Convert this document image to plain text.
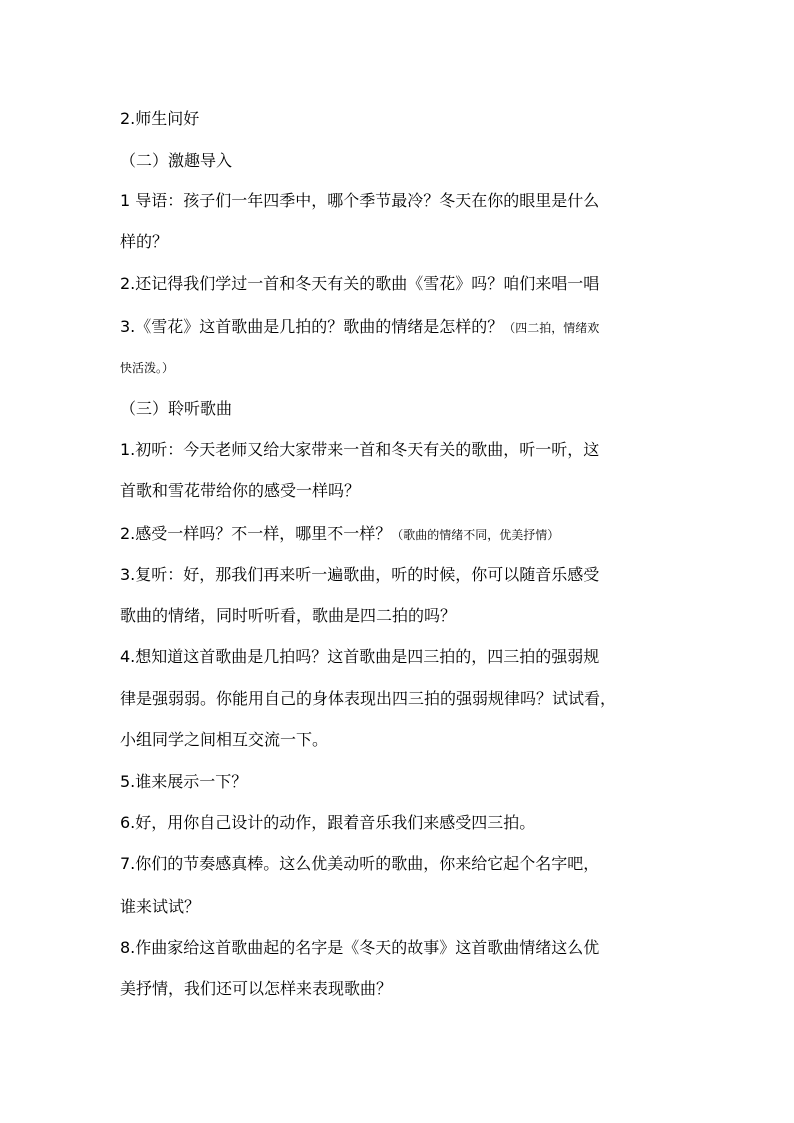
2.师生问好
（二）激趣导入
1 导语：孩子们一年四季中，哪个季节最冷？冬天在你的眼里是什么
样的？
2.还记得我们学过一首和冬天有关的歌曲《雪花》吗？咱们来唱一唱
3.《雪花》这首歌曲是几拍的？歌曲的情绪是怎样的？（四二拍，情绪欢
快活泼。）
（三）聆听歌曲
1.初听：今天老师又给大家带来一首和冬天有关的歌曲，听一听，这
首歌和雪花带给你的感受一样吗？
2.感受一样吗？不一样，哪里不一样？（歌曲的情绪不同，优美抒情）
3.复听：好，那我们再来听一遍歌曲，听的时候，你可以随音乐感受
歌曲的情绪，同时听听看，歌曲是四二拍的吗？
4.想知道这首歌曲是几拍吗？这首歌曲是四三拍的，四三拍的强弱规
律是强弱弱。你能用自己的身体表现出四三拍的强弱规律吗？试试看，
小组同学之间相互交流一下。
5.谁来展示一下？
6.好，用你自己设计的动作，跟着音乐我们来感受四三拍。
7.你们的节奏感真棒。这么优美动听的歌曲，你来给它起个名字吧，
谁来试试？
8.作曲家给这首歌曲起的名字是《冬天的故事》这首歌曲情绪这么优
美抒情，我们还可以怎样来表现歌曲？
